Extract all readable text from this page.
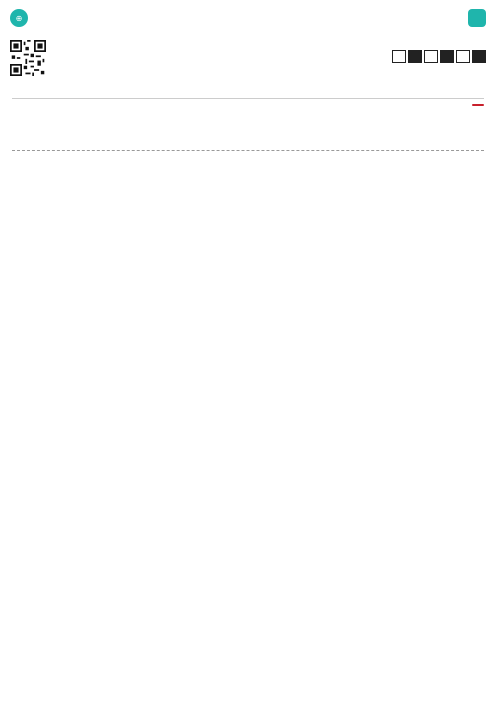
⊕
